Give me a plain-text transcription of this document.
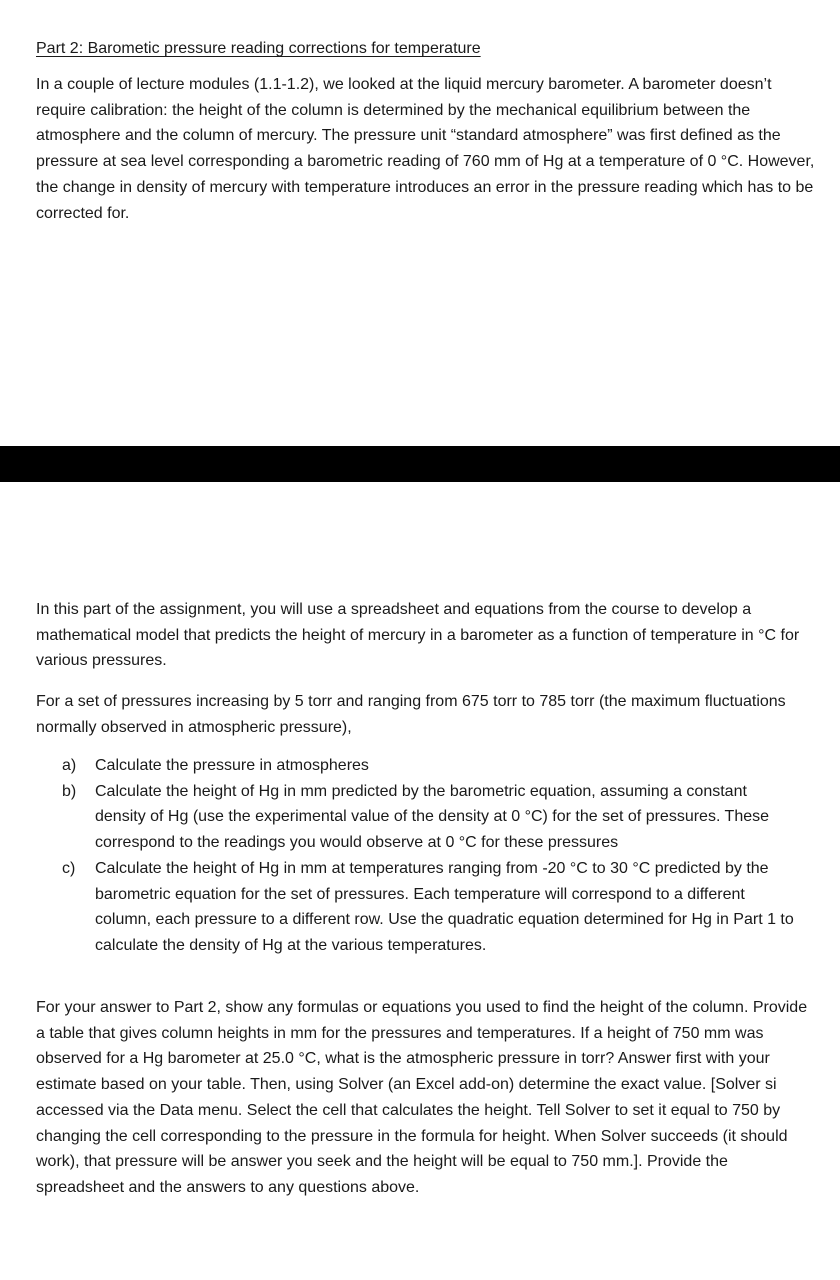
Part 2: Barometic pressure reading corrections for temperature

In a couple of lecture modules (1.1-1.2), we looked at the liquid mercury barometer. A barometer doesn’t require calibration: the height of the column is determined by the mechanical equilibrium between the atmosphere and the column of mercury. The pressure unit “standard atmosphere” was first defined as the pressure at sea level corresponding a barometric reading of 760 mm of Hg at a temperature of 0 °C. However, the change in density of mercury with temperature introduces an error in the pressure reading which has to be corrected for.

In this part of the assignment, you will use a spreadsheet and equations from the course to develop a mathematical model that predicts the height of mercury in a barometer as a function of temperature in °C for various pressures.

For a set of pressures increasing by 5 torr and ranging from 675 torr to 785 torr (the maximum fluctuations normally observed in atmospheric pressure),

a) Calculate the pressure in atmospheres
b) Calculate the height of Hg in mm predicted by the barometric equation, assuming a constant density of Hg (use the experimental value of the density at 0 °C) for the set of pressures. These correspond to the readings you would observe at 0 °C for these pressures
c) Calculate the height of Hg in mm at temperatures ranging from -20 °C to 30 °C predicted by the barometric equation for the set of pressures. Each temperature will correspond to a different column, each pressure to a different row. Use the quadratic equation determined for Hg in Part 1 to calculate the density of Hg at the various temperatures.

For your answer to Part 2, show any formulas or equations you used to find the height of the column. Provide a table that gives column heights in mm for the pressures and temperatures. If a height of 750 mm was observed for a Hg barometer at 25.0 °C, what is the atmospheric pressure in torr? Answer first with your estimate based on your table. Then, using Solver (an Excel add-on) determine the exact value. [Solver si accessed via the Data menu. Select the cell that calculates the height. Tell Solver to set it equal to 750 by changing the cell corresponding to the pressure in the formula for height. When Solver succeeds (it should work), that pressure will be answer you seek and the height will be equal to 750 mm.]. Provide the spreadsheet and the answers to any questions above.
